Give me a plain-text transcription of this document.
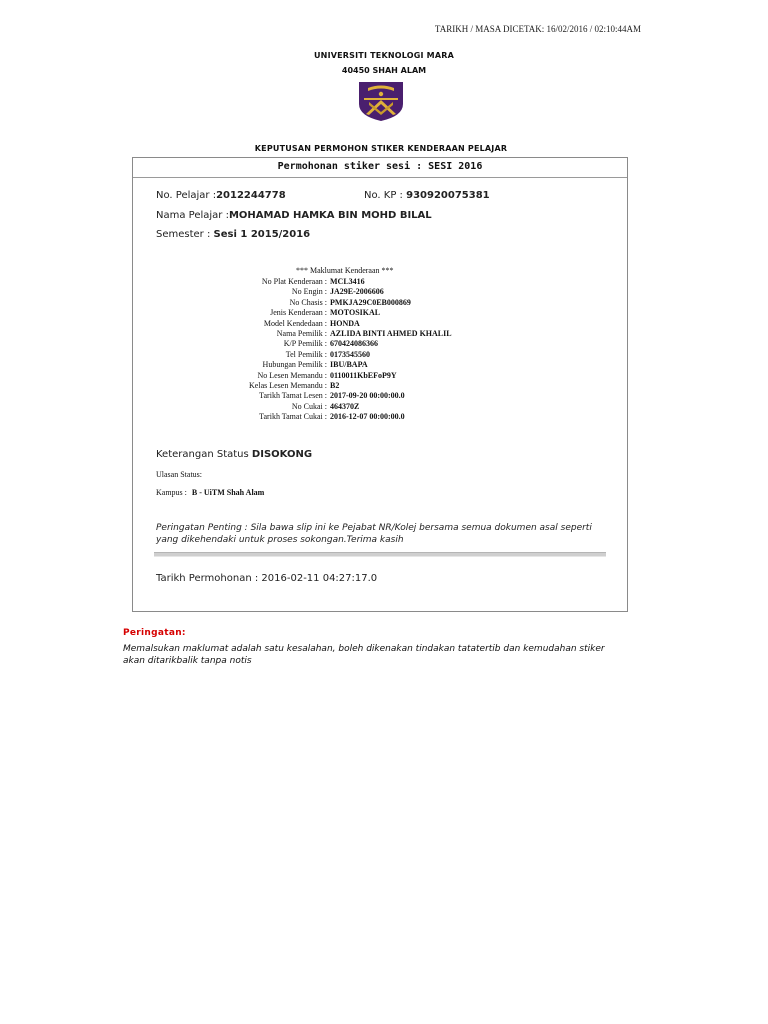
TARIKH / MASA DICETAK: 16/02/2016 / 02:10:44AM
UNIVERSITI TEKNOLOGI MARA
40450 SHAH ALAM
KEPUTUSAN PERMOHON STIKER KENDERAAN PELAJAR
Permohonan stiker sesi : SESI 2016
No. Pelajar :2012244778	No. KP : 930920075381
Nama Pelajar :MOHAMAD HAMKA BIN MOHD BILAL
Semester : Sesi 1 2015/2016
*** Maklumat Kenderaan ***
No Plat Kenderaan : MCL3416
No Engin : JA29E-2006606
No Chasis : PMKJA29C0EB000869
Jenis Kenderaan : MOTOSIKAL
Model Kendedaan : HONDA
Nama Pemilik : AZLIDA BINTI AHMED KHALIL
K/P Pemilik : 670424086366
Tel Pemilik : 0173545560
Hubungan Pemilik : IBU/BAPA
No Lesen Memandu : 0110011KbEFoP9Y
Kelas Lesen Memandu : B2
Tarikh Tamat Lesen : 2017-09-20 00:00:00.0
No Cukai : 464370Z
Tarikh Tamat Cukai : 2016-12-07 00:00:00.0
Keterangan Status DISOKONG
Ulasan Status:
Kampus : B - UiTM Shah Alam
Peringatan Penting : Sila bawa slip ini ke Pejabat NR/Kolej bersama semua dokumen asal seperti yang dikehendaki untuk proses sokongan.Terima kasih
Tarikh Permohonan : 2016-02-11 04:27:17.0
Peringatan:
Memalsukan maklumat adalah satu kesalahan, boleh dikenakan tindakan tatatertib dan kemudahan stiker akan ditarikbalik tanpa notis
